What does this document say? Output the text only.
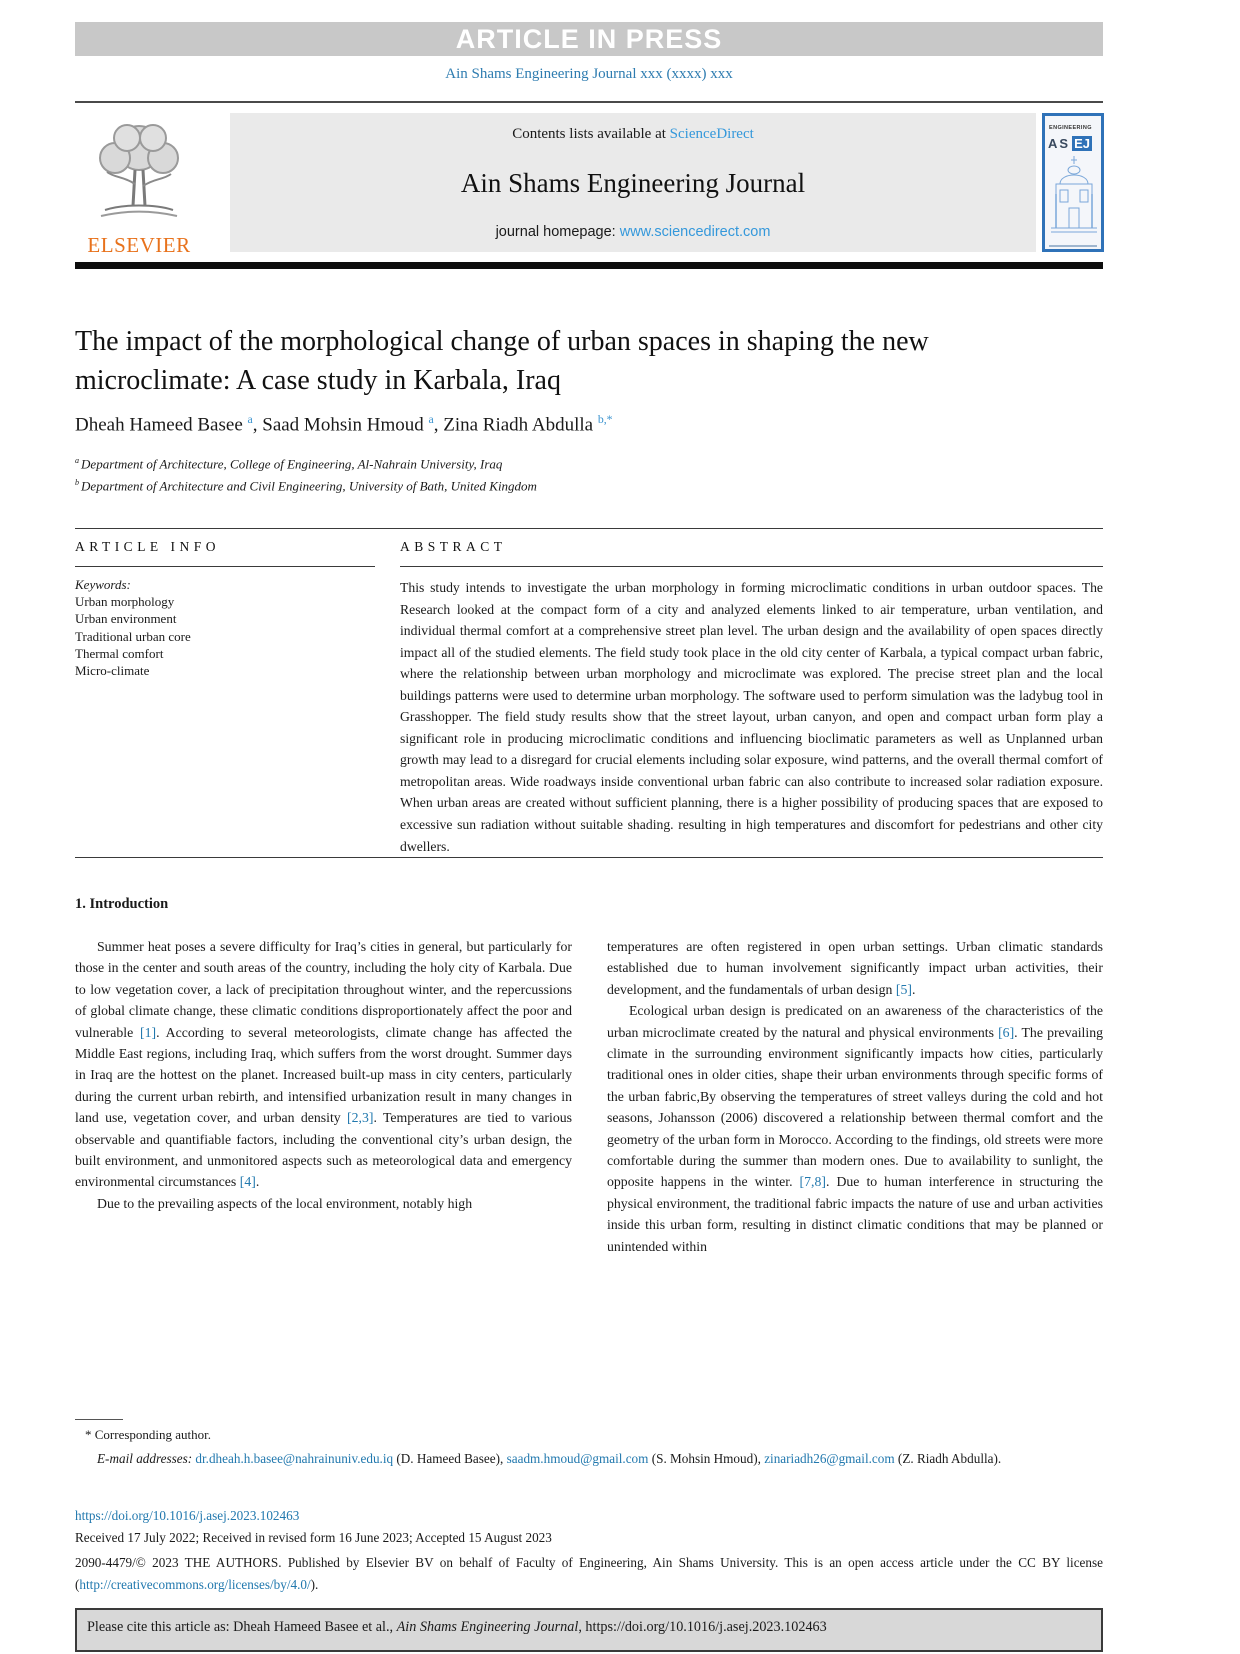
ARTICLE IN PRESS
Ain Shams Engineering Journal xxx (xxxx) xxx
ELSEVIER
Contents lists available at ScienceDirect
Ain Shams Engineering Journal
journal homepage: www.sciencedirect.com
ENGINEERING
AS EJ
The impact of the morphological change of urban spaces in shaping the new microclimate: A case study in Karbala, Iraq
Dheah Hameed Basee $^a$, Saad Mohsin Hmoud $^a$, Zina Riadh Abdulla $^{b,*}$
$^a$ Department of Architecture, College of Engineering, Al-Nahrain University, Iraq
$^b$ Department of Architecture and Civil Engineering, University of Bath, United Kingdom
ARTICLE INFO
Keywords:
Urban morphology
Urban environment
Traditional urban core
Thermal comfort
Micro-climate
ABSTRACT
This study intends to investigate the urban morphology in forming microclimatic conditions in urban outdoor spaces. The Research looked at the compact form of a city and analyzed elements linked to air temperature, urban ventilation, and individual thermal comfort at a comprehensive street plan level. The urban design and the availability of open spaces directly impact all of the studied elements. The field study took place in the old city center of Karbala, a typical compact urban fabric, where the relationship between urban morphology and microclimate was explored. The precise street plan and the local buildings patterns were used to determine urban morphology. The software used to perform simulation was the ladybug tool in Grasshopper. The field study results show that the street layout, urban canyon, and open and compact urban form play a significant role in producing microclimatic conditions and influencing bioclimatic parameters as well as Unplanned urban growth may lead to a disregard for crucial elements including solar exposure, wind patterns, and the overall thermal comfort of metropolitan areas. Wide roadways inside conventional urban fabric can also contribute to increased solar radiation exposure. When urban areas are created without sufficient planning, there is a higher possibility of producing spaces that are exposed to excessive sun radiation without suitable shading. resulting in high temperatures and discomfort for pedestrians and other city dwellers.
1. Introduction

Summer heat poses a severe difficulty for Iraq’s cities in general, but particularly for those in the center and south areas of the country, including the holy city of Karbala. Due to low vegetation cover, a lack of precipitation throughout winter, and the repercussions of global climate change, these climatic conditions disproportionately affect the poor and vulnerable [1]. According to several meteorologists, climate change has affected the Middle East regions, including Iraq, which suffers from the worst drought. Summer days in Iraq are the hottest on the planet. Increased built-up mass in city centers, particularly during the current urban rebirth, and intensified urbanization result in many changes in land use, vegetation cover, and urban density [2,3]. Temperatures are tied to various observable and quantifiable factors, including the conventional city’s urban design, the built environment, and unmonitored aspects such as meteorological data and emergency environmental circumstances [4].

Due to the prevailing aspects of the local environment, notably high

temperatures are often registered in open urban settings. Urban climatic standards established due to human involvement significantly impact urban activities, their development, and the fundamentals of urban design [5].

Ecological urban design is predicated on an awareness of the characteristics of the urban microclimate created by the natural and physical environments [6]. The prevailing climate in the surrounding environment significantly impacts how cities, particularly traditional ones in older cities, shape their urban environments through specific forms of the urban fabric,By observing the temperatures of street valleys during the cold and hot seasons, Johansson (2006) discovered a relationship between thermal comfort and the geometry of the urban form in Morocco. According to the findings, old streets were more comfortable during the summer than modern ones. Due to availability to sunlight, the opposite happens in the winter. [7,8]. Due to human interference in structuring the physical environment, the traditional fabric impacts the nature of use and urban activities inside this urban form, resulting in distinct climatic conditions that may be planned or unintended within

* Corresponding author.
E-mail addresses: dr.dheah.h.basee@nahrainuniv.edu.iq (D. Hameed Basee), saadm.hmoud@gmail.com (S. Mohsin Hmoud), zinariadh26@gmail.com (Z. Riadh Abdulla).
https://doi.org/10.1016/j.asej.2023.102463
Received 17 July 2022; Received in revised form 16 June 2023; Accepted 15 August 2023
2090-4479/© 2023 THE AUTHORS. Published by Elsevier BV on behalf of Faculty of Engineering, Ain Shams University. This is an open access article under the CC BY license (http://creativecommons.org/licenses/by/4.0/).
Please cite this article as: Dheah Hameed Basee et al., Ain Shams Engineering Journal, https://doi.org/10.1016/j.asej.2023.102463
